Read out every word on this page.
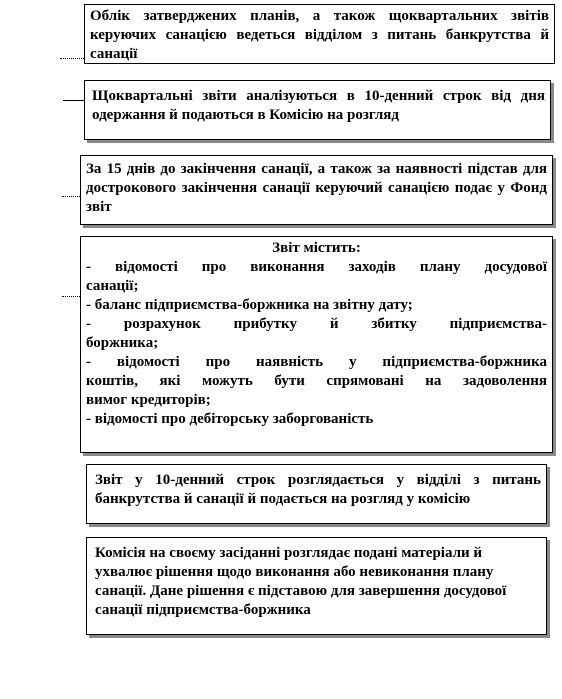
Облік затверджених планів, а також щоквартальних звітів керуючих санацією ведеться відділом з питань банкрутства й санації
Щоквартальні звіти аналізуються в 10-денний строк від дня одержання й подаються в Комісію на розгляд
За 15 днів до закінчення санації, а також за наявності підстав для дострокового закінчення санації керуючий санацією подає у Фонд звіт
Звіт містить:
- відомості про виконання заходів плану досудової
санації;
- баланс підприємства-боржника на звітну дату;
- розрахунок прибутку й збитку підприємства-
боржника;
- відомості про наявність у підприємства-боржника
коштів, які можуть бути спрямовані на задоволення
вимог кредиторів;
- відомості про дебіторську заборгованість
Звіт у 10-денний строк розглядається у відділі з питань банкрутства й санації й подається на розгляд у комісію
Комісія на своєму засіданні розглядає подані матеріали й ухвалює рішення щодо виконання або невиконання плану санації. Дане рішення є підставою для завершення досудової санації підприємства-боржника
